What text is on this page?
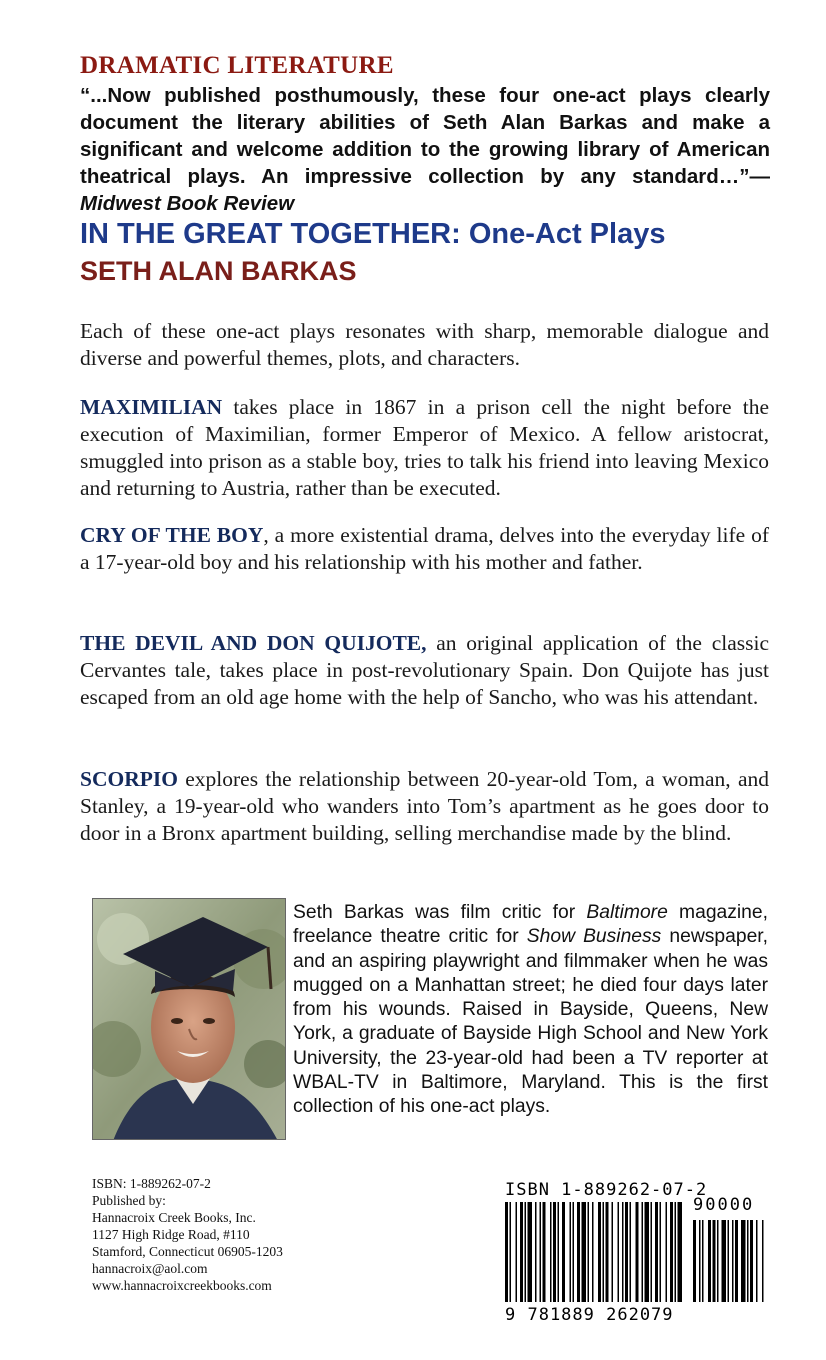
DRAMATIC LITERATURE
“...Now published posthumously, these four one-act plays clearly document the literary abilities of Seth Alan Barkas and make a significant and welcome addition to the growing library of American theatrical plays. An impressive collection by any standard…”—Midwest Book Review
IN THE GREAT TOGETHER: One-Act Plays
SETH ALAN BARKAS
Each of these one-act plays resonates with sharp, memorable dialogue and diverse and powerful themes, plots, and characters.
MAXIMILIAN takes place in 1867 in a prison cell the night before the execution of Maximilian, former Emperor of Mexico. A fellow aristocrat, smuggled into prison as a stable boy, tries to talk his friend into leaving Mexico and returning to Austria, rather than be executed.
CRY OF THE BOY, a more existential drama, delves into the everyday life of a 17-year-old boy and his relationship with his mother and father.
THE DEVIL AND DON QUIJOTE, an original application of the classic Cervantes tale, takes place in post-revolutionary Spain. Don Quijote has just escaped from an old age home with the help of Sancho, who was his attendant.
SCORPIO explores the relationship between 20-year-old Tom, a woman, and Stanley, a 19-year-old who wanders into Tom’s apartment as he goes door to door in a Bronx apartment building, selling merchandise made by the blind.
Seth Barkas was film critic for Baltimore magazine, freelance theatre critic for Show Business newspaper, and an aspiring playwright and filmmaker when he was mugged on a Manhattan street; he died four days later from his wounds. Raised in Bayside, Queens, New York, a graduate of Bayside High School and New York University, the 23-year-old had been a TV reporter at WBAL-TV in Baltimore, Maryland. This is the first collection of his one-act plays.
ISBN: 1-889262-07-2
Published by:
Hannacroix Creek Books, Inc.
1127 High Ridge Road, #110
Stamford, Connecticut 06905-1203
hannacroix@aol.com
www.hannacroixcreekbooks.com
ISBN 1-889262-07-2
90000
9 781889 262079
